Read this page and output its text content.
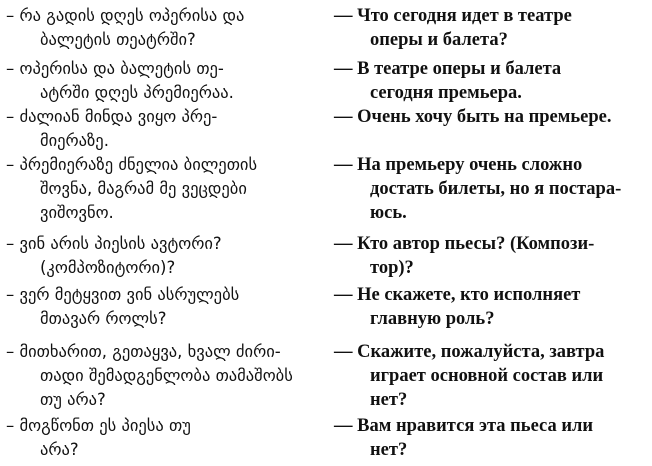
– რა გადის დღეს ოპერისა და
ბალეტის თეატრში?
— Что сегодня идет в театре
оперы и балета?
– ოპერისა და ბალეტის თე-
ატრში დღეს პრემიერაა.
— В театре оперы и балета
сегодня премьера.
– ძალიან მინდა ვიყო პრე-
მიერაზე.
— Очень хочу быть на премьере.
– პრემიერაზე ძნელია ბილეთის
შოვნა, მაგრამ მე ვეცდები
ვიშოვნო.
— На премьеру очень сложно
достать билеты, но я постара-
юсь.
– ვინ არის პიესის ავტორი?
(კომპოზიტორი)?
— Кто автор пьесы? (Компози-
тор)?
– ვერ მეტყვით ვინ ასრულებს
მთავარ როლს?
— Не скажете, кто исполняет
главную роль?
– მითხარით, გეთაყვა, ხვალ ძირი-
თადი შემადგენლობა თამაშობს
თუ არა?
— Скажите, пожалуйста, завтра
играет основной состав или
нет?
– მოგწონთ ეს პიესა თუ
არა?
— Вам нравится эта пьеса или
нет?
